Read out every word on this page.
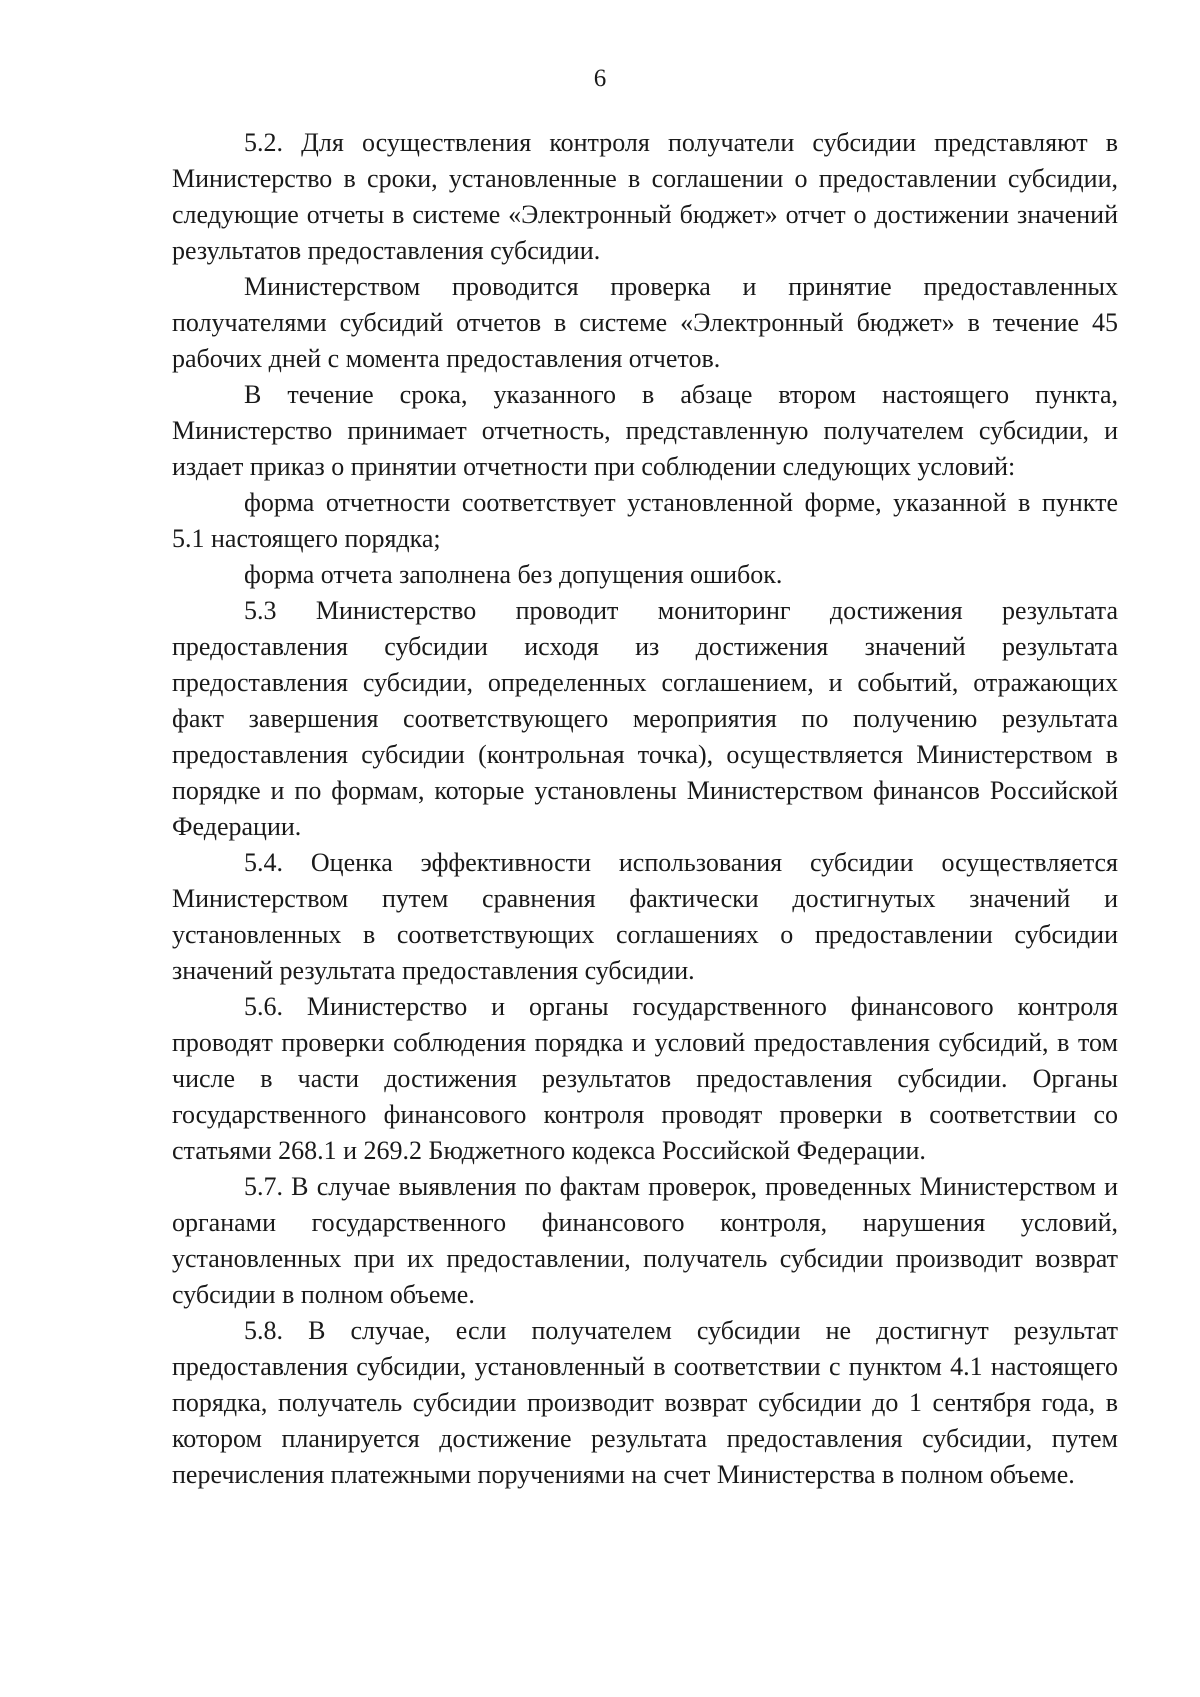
6

5.2. Для осуществления контроля получатели субсидии представляют в Министерство в сроки, установленные в соглашении о предоставлении субсидии, следующие отчеты в системе «Электронный бюджет» отчет о достижении значений результатов предоставления субсидии.

Министерством проводится проверка и принятие предоставленных получателями субсидий отчетов в системе «Электронный бюджет» в течение 45 рабочих дней с момента предоставления отчетов.

В течение срока, указанного в абзаце втором настоящего пункта, Министерство принимает отчетность, представленную получателем субсидии, и издает приказ о принятии отчетности при соблюдении следующих условий:

форма отчетности соответствует установленной форме, указанной в пункте 5.1 настоящего порядка;

форма отчета заполнена без допущения ошибок.

5.3 Министерство проводит мониторинг достижения результата предоставления субсидии исходя из достижения значений результата предоставления субсидии, определенных соглашением, и событий, отражающих факт завершения соответствующего мероприятия по получению результата предоставления субсидии (контрольная точка), осуществляется Министерством в порядке и по формам, которые установлены Министерством финансов Российской Федерации.

5.4. Оценка эффективности использования субсидии осуществляется Министерством путем сравнения фактически достигнутых значений и установленных в соответствующих соглашениях о предоставлении субсидии значений результата предоставления субсидии.

5.6. Министерство и органы государственного финансового контроля проводят проверки соблюдения порядка и условий предоставления субсидий, в том числе в части достижения результатов предоставления субсидии. Органы государственного финансового контроля проводят проверки в соответствии со статьями 268.1 и 269.2 Бюджетного кодекса Российской Федерации.

5.7. В случае выявления по фактам проверок, проведенных Министерством и органами государственного финансового контроля, нарушения условий, установленных при их предоставлении, получатель субсидии производит возврат субсидии в полном объеме.

5.8. В случае, если получателем субсидии не достигнут результат предоставления субсидии, установленный в соответствии с пунктом 4.1 настоящего порядка, получатель субсидии производит возврат субсидии до 1 сентября года, в котором планируется достижение результата предоставления субсидии, путем перечисления платежными поручениями на счет Министерства в полном объеме.
